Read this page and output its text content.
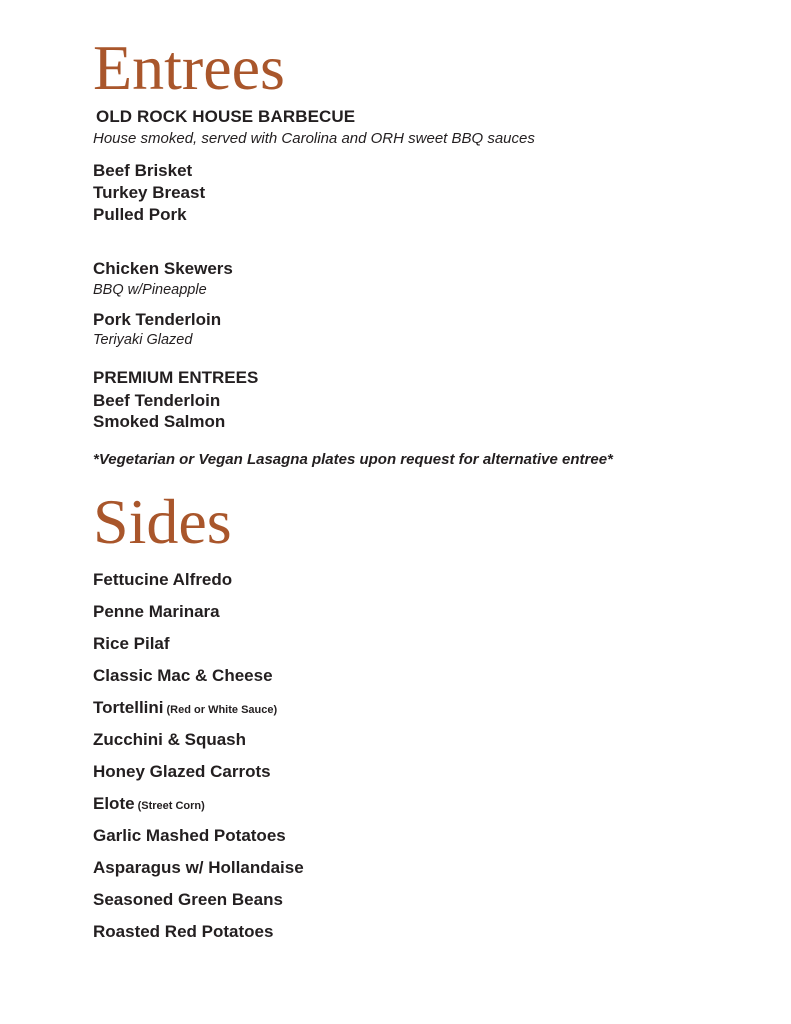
Entrees
OLD ROCK HOUSE BARBECUE
House smoked, served with Carolina and ORH sweet BBQ sauces
Beef Brisket
Turkey Breast
Pulled Pork
Chicken Skewers
BBQ w/Pineapple
Pork Tenderloin
Teriyaki Glazed
PREMIUM ENTREES
Beef Tenderloin
Smoked Salmon
*Vegetarian or Vegan Lasagna plates upon request for alternative entree*
Sides
Fettucine Alfredo
Penne Marinara
Rice Pilaf
Classic Mac & Cheese
Tortellini (Red or White Sauce)
Zucchini & Squash
Honey Glazed Carrots
Elote (Street Corn)
Garlic Mashed Potatoes
Asparagus w/ Hollandaise
Seasoned Green Beans
Roasted Red Potatoes
